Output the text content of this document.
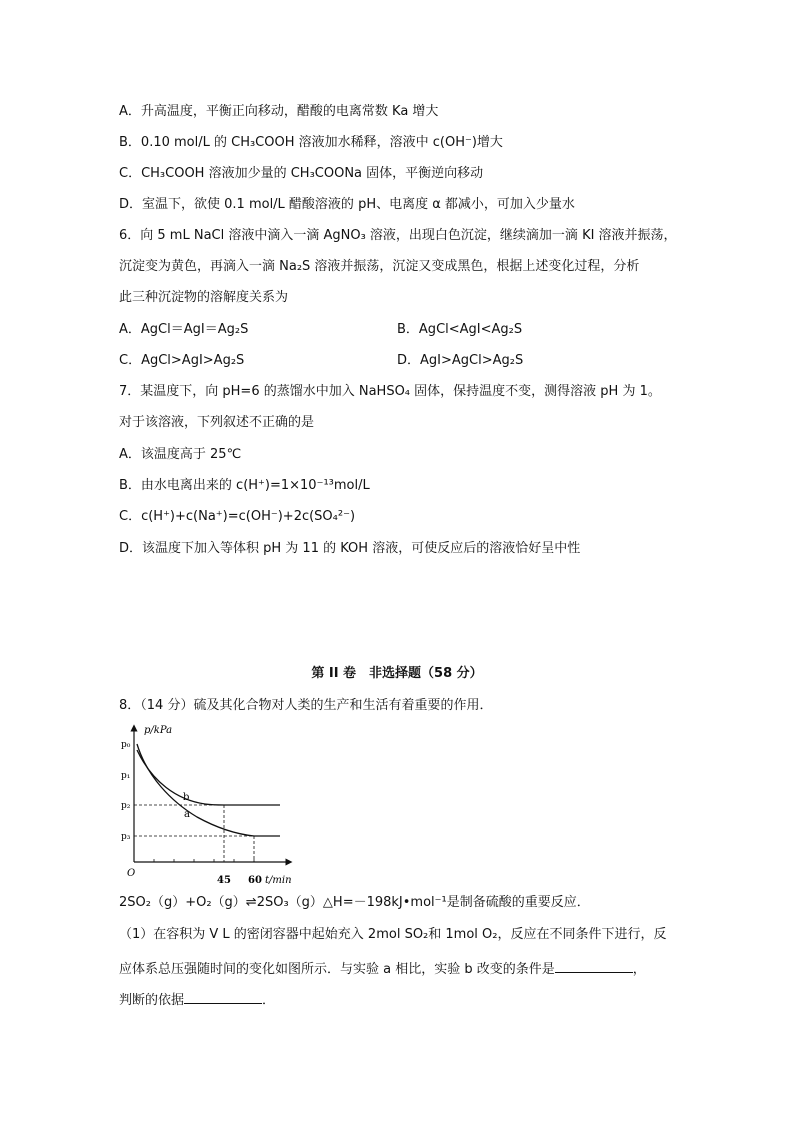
A．升高温度，平衡正向移动，醋酸的电离常数 Ka 增大
B．0.10 mol/L 的 CH₃COOH 溶液加水稀释，溶液中 c(OH⁻)增大
C．CH₃COOH 溶液加少量的 CH₃COONa 固体，平衡逆向移动
D．室温下，欲使 0.1 mol/L 醋酸溶液的 pH、电离度 α 都减小，可加入少量水
6．向 5 mL NaCl 溶液中滴入一滴 AgNO₃ 溶液，出现白色沉淀，继续滴加一滴 KI 溶液并振荡，
沉淀变为黄色，再滴入一滴 Na₂S 溶液并振荡，沉淀又变成黑色，根据上述变化过程，分析
此三种沉淀物的溶解度关系为
A．AgCl＝AgI＝Ag₂S	B．AgCl<AgI<Ag₂S
C．AgCl>AgI>Ag₂S	D．AgI>AgCl>Ag₂S
7．某温度下，向 pH=6 的蒸馏水中加入 NaHSO₄ 固体，保持温度不变，测得溶液 pH 为 1。
对于该溶液，下列叙述不正确的是
A．该温度高于 25℃
B．由水电离出来的 c(H⁺)=1×10⁻¹³mol/L
C．c(H⁺)+c(Na⁺)=c(OH⁻)+2c(SO₄²⁻)
D．该温度下加入等体积 pH 为 11 的 KOH 溶液，可使反应后的溶液恰好呈中性
第 II 卷　非选择题（58 分）
8．（14 分）硫及其化合物对人类的生产和生活有着重要的作用．
p/kPa
p₀
p₁
p₂
p₃
b
a
O
45 60 t/min
2SO₂（g）+O₂（g）⇌2SO₃（g）△H=－198kJ•mol⁻¹是制备硫酸的重要反应．
（1）在容积为 V L 的密闭容器中起始充入 2mol SO₂和 1mol O₂，反应在不同条件下进行，反
应体系总压强随时间的变化如图所示．与实验 a 相比，实验 b 改变的条件是	，
判断的依据	．
